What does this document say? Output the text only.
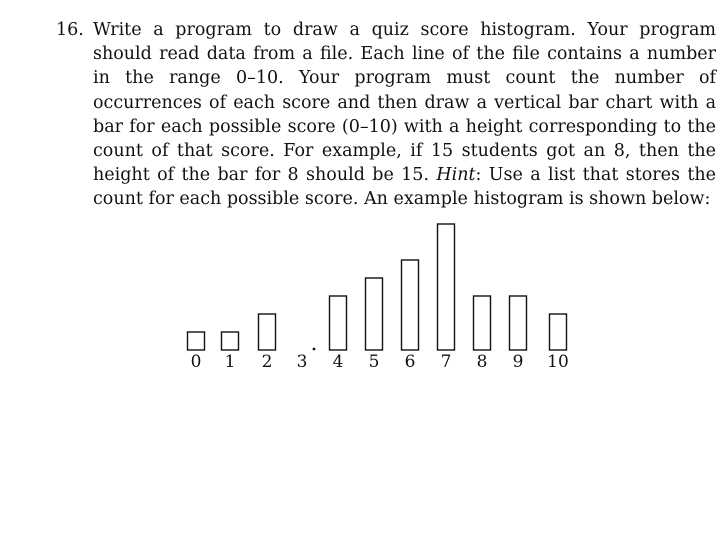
16. Write a program to draw a quiz score histogram. Your program should read data from a file. Each line of the file contains a number in the range 0–10. Your program must count the number of occurrences of each score and then draw a vertical bar chart with a bar for each possible score (0–10) with a height corresponding to the count of that score. For example, if 15 students got an 8, then the height of the bar for 8 should be 15. Hint: Use a list that stores the count for each possible score. An example histogram is shown below:

0 1 2 3 4 5 6 7 8 9 10
